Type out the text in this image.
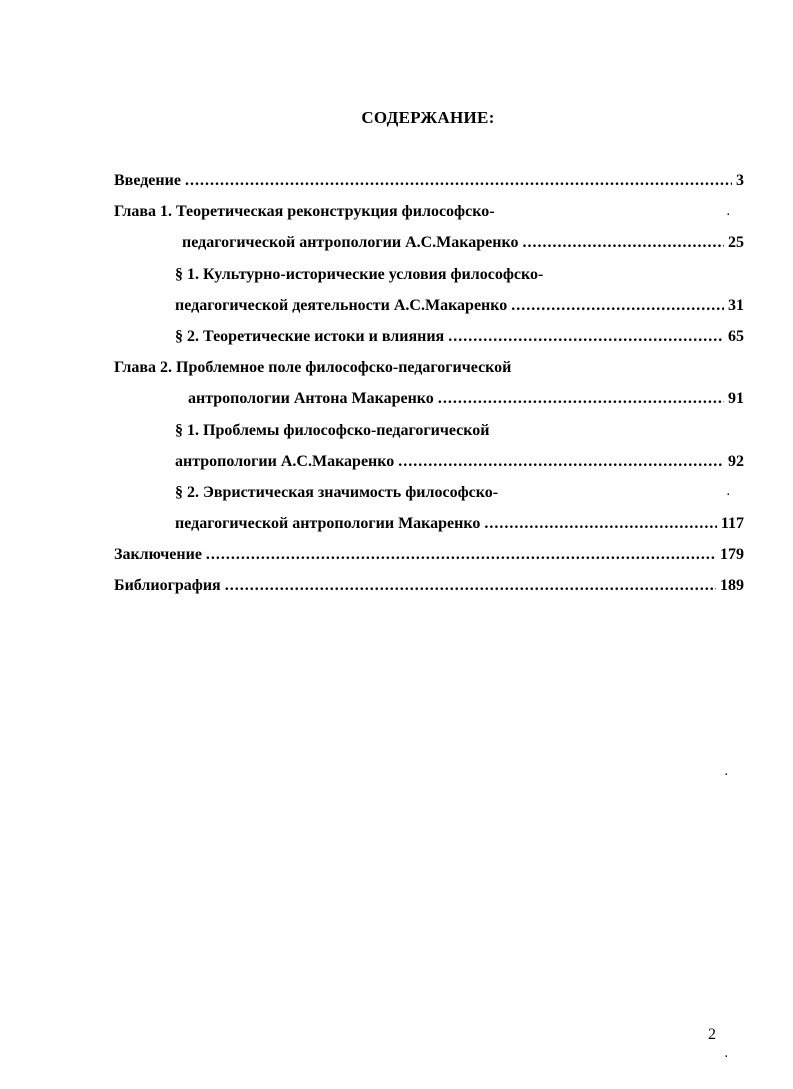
СОДЕРЖАНИЕ:
Введение .....	3
Глава 1. Теоретическая реконструкция философско-
педагогической антропологии А.С.Макаренко .....	25
§ 1. Культурно-исторические условия философско-
педагогической деятельности А.С.Макаренко .....	31
§ 2. Теоретические истоки и влияния .....	65
Глава 2. Проблемное поле философско-педагогической
антропологии Антона Макаренко .....	91
§ 1. Проблемы философско-педагогической
антропологии А.С.Макаренко .....	92
§ 2. Эвристическая значимость философско-
педагогической антропологии Макаренко .....	117
Заключение .....	179
Библиография .....	189
.
.
.
.
2
